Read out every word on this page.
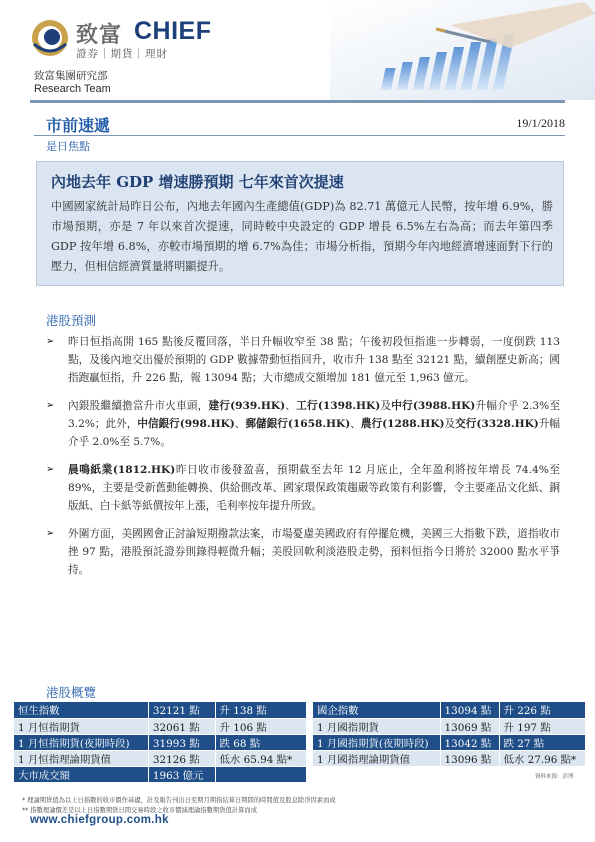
致富 CHIEF
證券｜期貨｜理財
致富集團研究部
Research Team
市前速遞	19/1/2018
是日焦點
內地去年 GDP 增速勝預期 七年來首次提速
中國國家統計局昨日公布，內地去年國內生產總值(GDP)為 82.71 萬億元人民幣，按年增 6.9%，勝市場預期，亦是 7 年以來首次提速，同時較中央設定的 GDP 增長 6.5%左右為高；而去年第四季 GDP 按年增 6.8%，亦較市場預期的增 6.7%為佳；市場分析指，預期今年內地經濟增速面對下行的壓力，但相信經濟質量將明顯提升。
港股預測
➢ 昨日恒指高開 165 點後反覆回落，半日升幅收窄至 38 點；午後初段恒指進一步轉弱，一度倒跌 113 點，及後內地交出優於預期的 GDP 數據帶動恒指回升，收市升 138 點至 32121 點，續創歷史新高；國指跑贏恒指，升 226 點，報 13094 點；大市總成交額增加 181 億元至 1,963 億元。
➢ 內銀股繼續擔當升市火車頭，建行(939.HK)、工行(1398.HK)及中行(3988.HK)升幅介乎 2.3%至 3.2%；此外，中信銀行(998.HK)、郵儲銀行(1658.HK)、農行(1288.HK)及交行(3328.HK)升幅介乎 2.0%至 5.7%。
➢ 晨鳴紙業(1812.HK)昨日收市後發盈喜，預期截至去年 12 月底止，全年盈利將按年增長 74.4%至 89%，主要是受新舊動能轉換、供給側改革、國家環保政策趨嚴等政策有利影響，令主要產品文化紙、銅版紙、白卡紙等紙價按年上漲，毛利率按年提升所致。
➢ 外圍方面，美國國會正討論短期撥款法案，市場憂慮美國政府有停擺危機，美國三大指數下跌，道指收市挫 97 點，港股預託證券則錄得輕微升幅；美股回軟利淡港股走勢，預料恒指今日將於 32000 點水平爭持。
港股概覽
恒生指數	32121 點	升 138 點
1 月恒指期貨	32061 點	升 106 點
1 月恒指期貨(夜期時段)	31993 點	跌 68 點
1 月恒指理論期貨值	32126 點	低水 65.94 點*
大市成交額	1963 億元	
國企指數	13094 點	升 226 點
1 月國指期貨	13069 點	升 197 點
1 月國指期貨(夜期時段)	13042 點	跌 27 點
1 月國指理論期貨值	13096 點	低水 27.96 點*
資料來源：彭博
* 理論期貨值為以上日指數的收市價作基礎，計及報告刊出日至期月期指結算日期間的時間值及股息除淨因素而成
** 指數理論價差是以上日指數期貨日間交易時段之收市價減理論指數期貨值計算而成
www.chiefgroup.com.hk
